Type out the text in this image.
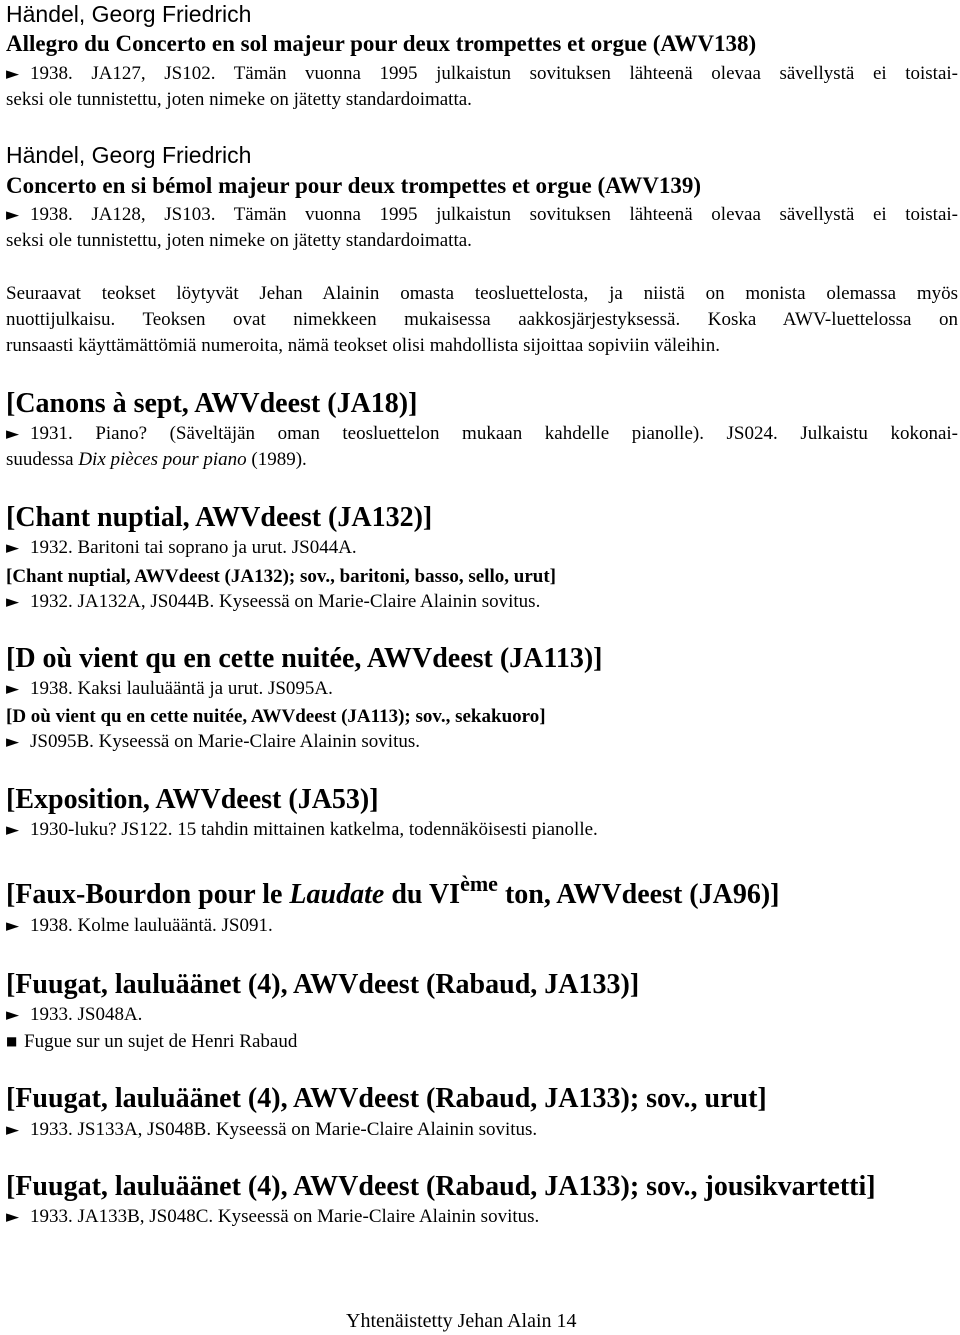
Händel, Georg Friedrich
Allegro du Concerto en sol majeur pour deux trompettes et orgue (AWV138)
► 1938. JA127, JS102. Tämän vuonna 1995 julkaistun sovituksen lähteenä olevaa sävellystä ei toistai-
seksi ole tunnistettu, joten nimeke on jätetty standardoimatta.
Händel, Georg Friedrich
Concerto en si bémol majeur pour deux trompettes et orgue (AWV139)
► 1938. JA128, JS103. Tämän vuonna 1995 julkaistun sovituksen lähteenä olevaa sävellystä ei toistai-
seksi ole tunnistettu, joten nimeke on jätetty standardoimatta.
Seuraavat teokset löytyvät Jehan Alainin omasta teosluettelosta, ja niistä on monista olemassa myös
nuottijulkaisu. Teoksen ovat nimekkeen mukaisessa aakkosjärjestyksessä. Koska AWV-luettelossa on
runsaasti käyttämättömiä numeroita, nämä teokset olisi mahdollista sijoittaa sopiviin väleihin.
[Canons à sept, AWVdeest (JA18)]
► 1931. Piano? (Säveltäjän oman teosluettelon mukaan kahdelle pianolle). JS024. Julkaistu kokonai-
suudessa Dix pièces pour piano (1989).
[Chant nuptial, AWVdeest (JA132)]
► 1932. Baritoni tai soprano ja urut. JS044A.
[Chant nuptial, AWVdeest (JA132); sov., baritoni, basso, sello, urut]
► 1932. JA132A, JS044B. Kyseessä on Marie-Claire Alainin sovitus.
[D où vient qu en cette nuitée, AWVdeest (JA113)]
► 1938. Kaksi lauluääntä ja urut. JS095A.
[D où vient qu en cette nuitée, AWVdeest (JA113); sov., sekakuoro]
► JS095B. Kyseessä on Marie-Claire Alainin sovitus.
[Exposition, AWVdeest (JA53)]
► 1930-luku? JS122. 15 tahdin mittainen katkelma, todennäköisesti pianolle.
[Faux-Bourdon pour le Laudate du VIème ton, AWVdeest (JA96)]
► 1938. Kolme lauluääntä. JS091.
[Fuugat, lauluäänet (4), AWVdeest (Rabaud, JA133)]
► 1933. JS048A.
■ Fugue sur un sujet de Henri Rabaud
[Fuugat, lauluäänet (4), AWVdeest (Rabaud, JA133); sov., urut]
► 1933. JS133A, JS048B. Kyseessä on Marie-Claire Alainin sovitus.
[Fuugat, lauluäänet (4), AWVdeest (Rabaud, JA133); sov., jousikvartetti]
► 1933. JA133B, JS048C. Kyseessä on Marie-Claire Alainin sovitus.
Yhtenäistetty Jehan Alain 14
